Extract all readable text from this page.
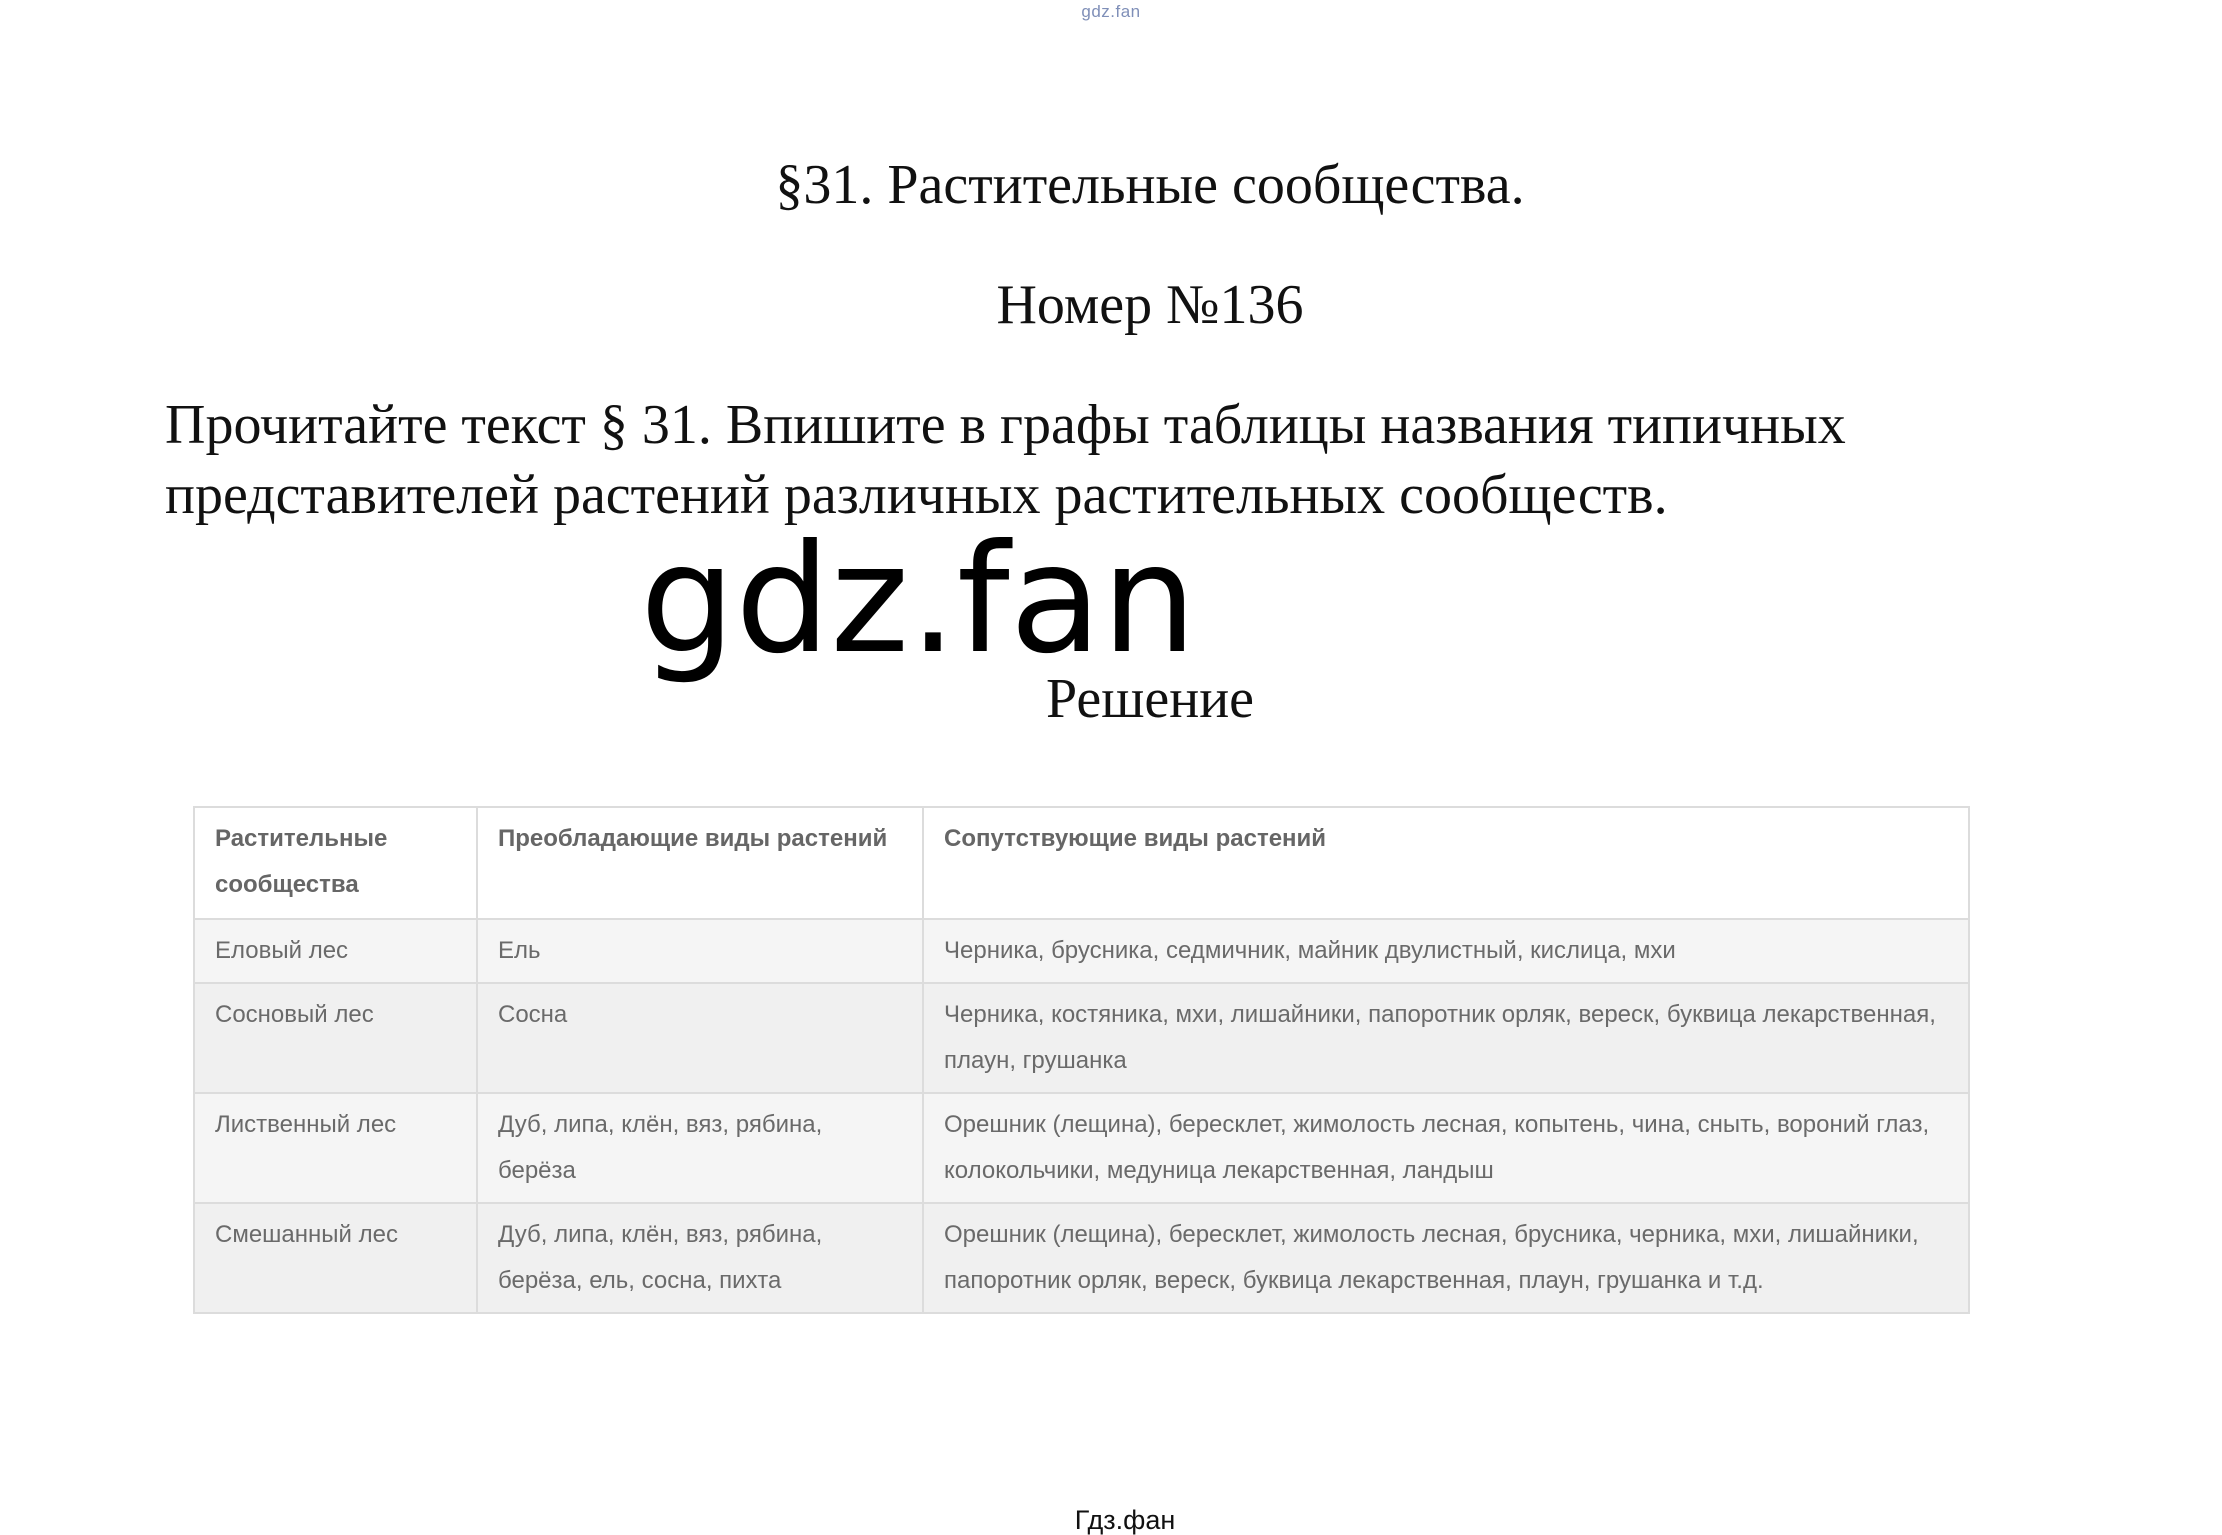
gdz.fan
§31. Растительные сообщества.
Номер №136
Прочитайте текст § 31. Впишите в графы таблицы названия типичных представителей растений различных растительных сообществ.
gdz.fan
Решение
Растительные сообщества	Преобладающие виды растений	Сопутствующие виды растений
Еловый лес	Ель	Черника, брусника, седмичник, майник двулистный, кислица, мхи
Сосновый лес	Сосна	Черника, костяника, мхи, лишайники, папоротник орляк, вереск, буквица лекарственная, плаун, грушанка
Лиственный лес	Дуб, липа, клён, вяз, рябина, берёза	Орешник (лещина), бересклет, жимолость лесная, копытень, чина, сныть, вороний глаз, колокольчики, медуница лекарственная, ландыш
Смешанный лес	Дуб, липа, клён, вяз, рябина, берёза, ель, сосна, пихта	Орешник (лещина), бересклет, жимолость лесная, брусника, черника, мхи, лишайники, папоротник орляк, вереск, буквица лекарственная, плаун, грушанка и т.д.
Гдз.фан
